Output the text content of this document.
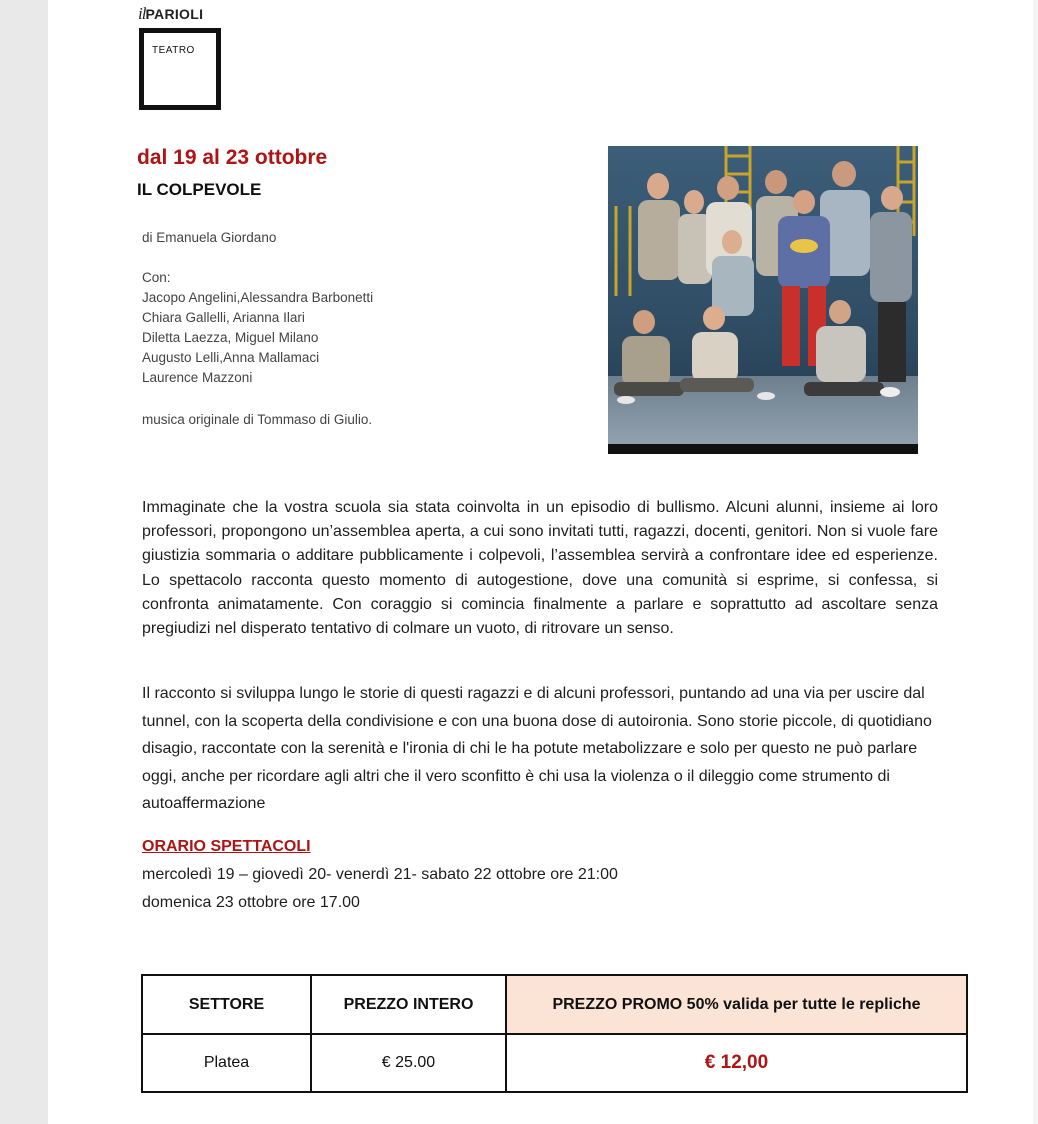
ilPARIOLI
TEATRO
dal 19 al 23 ottobre
IL COLPEVOLE
di Emanuela Giordano
Con:
Jacopo Angelini,Alessandra Barbonetti
Chiara Gallelli, Arianna Ilari
Diletta Laezza, Miguel Milano
Augusto Lelli,Anna Mallamaci
Laurence Mazzoni
musica originale di Tommaso di Giulio.
Immaginate che la vostra scuola sia stata coinvolta in un episodio di bullismo. Alcuni alunni, insieme ai loro professori, propongono un’assemblea aperta, a cui sono invitati tutti, ragazzi, docenti, genitori. Non si vuole fare giustizia sommaria o additare pubblicamente i colpevoli, l’assemblea servirà a confrontare idee ed esperienze. Lo spettacolo racconta questo momento di autogestione, dove una comunità si esprime, si confessa, si confronta animatamente. Con coraggio si comincia finalmente a parlare e soprattutto ad ascoltare senza pregiudizi nel disperato tentativo di colmare un vuoto, di ritrovare un senso.
Il racconto si sviluppa lungo le storie di questi ragazzi e di alcuni professori, puntando ad una via per uscire dal tunnel, con la scoperta della condivisione e con una buona dose di autoironia. Sono storie piccole, di quotidiano disagio, raccontate con la serenità e l'ironia di chi le ha potute metabolizzare e solo per questo ne può parlare oggi, anche per ricordare agli altri che il vero sconfitto è chi usa la violenza o il dileggio come strumento di autoaffermazione
ORARIO SPETTACOLI
mercoledì 19 – giovedì 20- venerdì 21- sabato 22 ottobre ore 21:00
domenica 23 ottobre ore 17.00
SETTORE	PREZZO INTERO	PREZZO PROMO 50% valida per tutte le repliche
Platea	€ 25.00	€ 12,00
